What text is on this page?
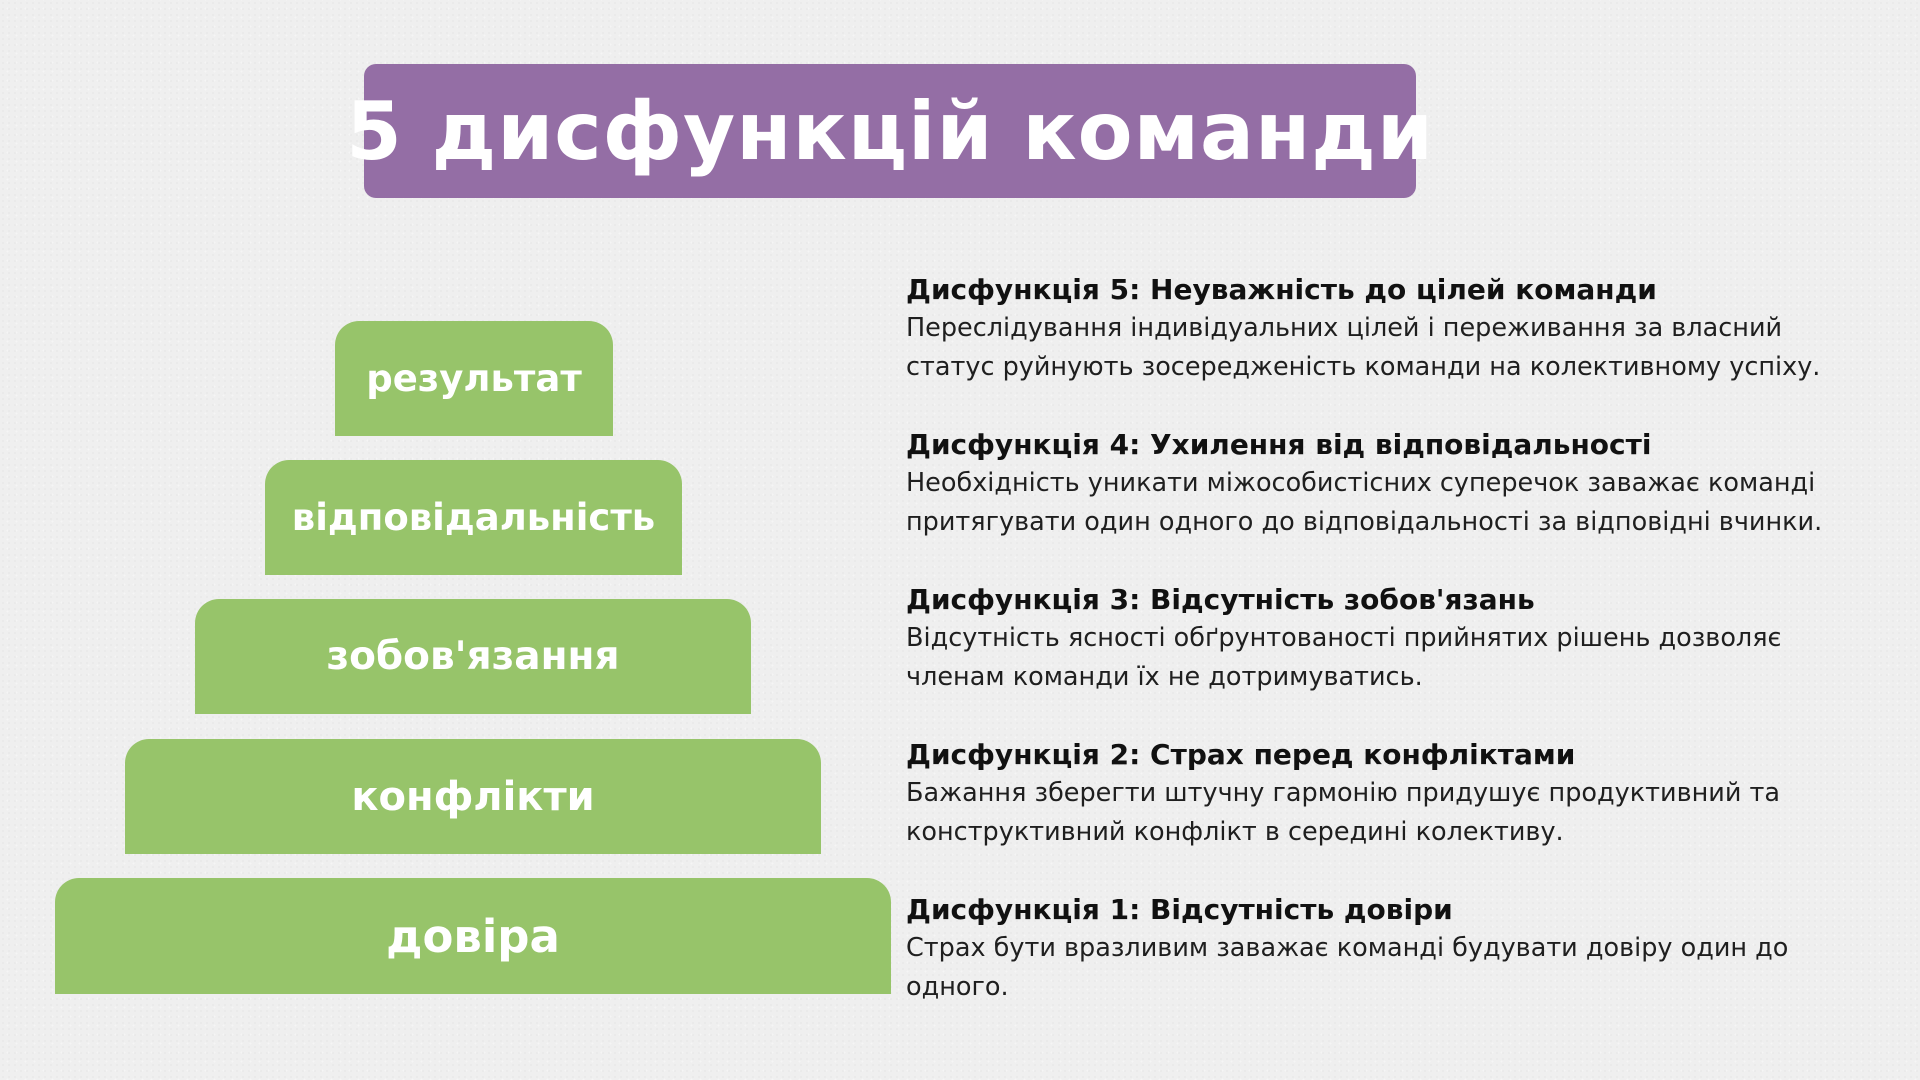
5 дисфункцій команди
результат
відповідальність
зобов'язання
конфлікти
довіра
Дисфункція 5: Неуважність до цілей команди
Переслідування індивідуальних цілей і переживання за власний
статус руйнують зосередженість команди на колективному успіху.
Дисфункція 4: Ухилення від відповідальності
Необхідність уникати міжособистісних суперечок заважає команді
притягувати один одного до відповідальності за відповідні вчинки.
Дисфункція 3: Відсутність зобов'язань
Відсутність ясності обґрунтованості прийнятих рішень дозволяє
членам команди їх не дотримуватись.
Дисфункція 2: Страх перед конфліктами
Бажання зберегти штучну гармонію придушує продуктивний та
конструктивний конфлікт в середині колективу.
Дисфункція 1: Відсутність довіри
Страх бути вразливим заважає команді будувати довіру один до
одного.
